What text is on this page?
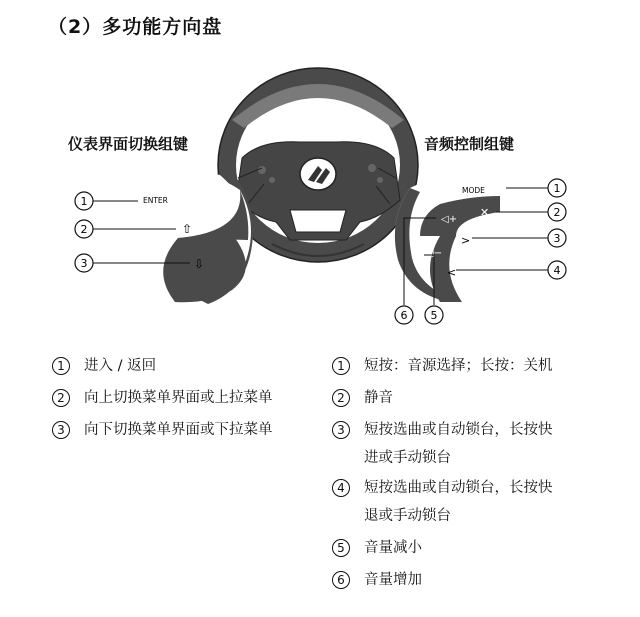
（2）多功能方向盘
1
2
3
ENTER
⇧
⇩
MODE
✕
◁+
>
◁−
<
1
2
3
4
6 5
仪表界面切换组键	音频控制组键
1	进入 / 返回
2	向上切换菜单界面或上拉菜单
3	向下切换菜单界面或下拉菜单
1	短按：音源选择；长按：关机
2	静音
3	短按选曲或自动锁台，长按快
进或手动锁台
4	短按选曲或自动锁台，长按快
退或手动锁台
5	音量减小
6	音量增加
